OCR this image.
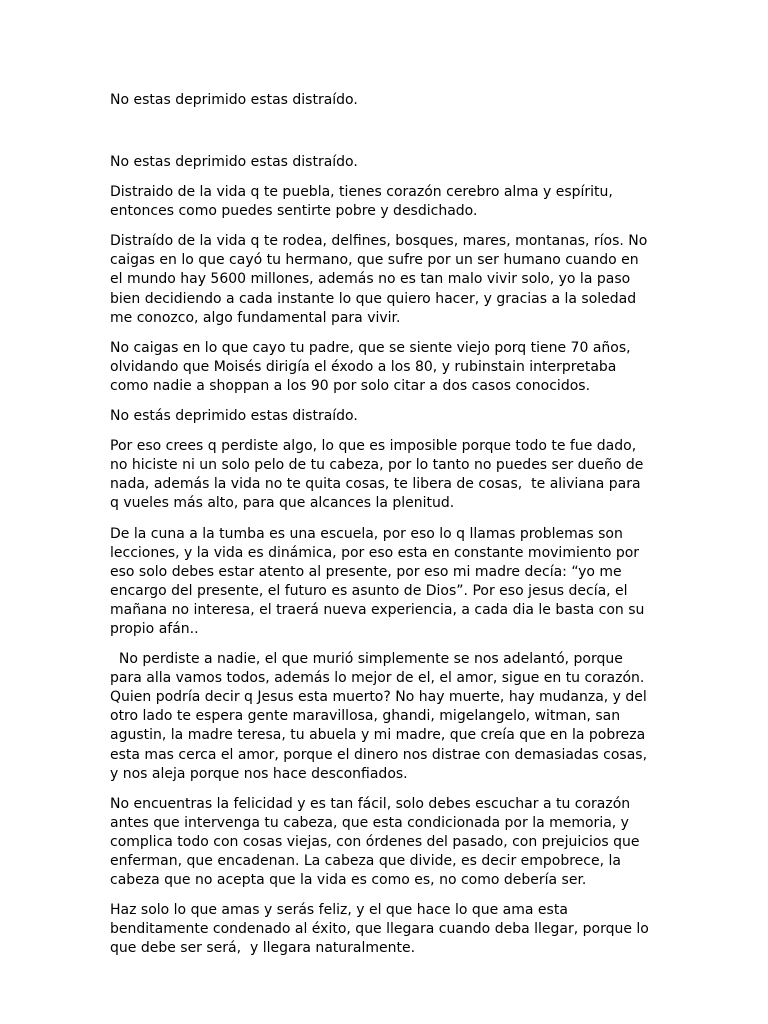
No estas deprimido estas distraído.

No estas deprimido estas distraído.

Distraido de la vida q te puebla, tienes corazón cerebro alma y espíritu,
entonces como puedes sentirte pobre y desdichado.

Distraído de la vida q te rodea, delfines, bosques, mares, montanas, ríos. No
caigas en lo que cayó tu hermano, que sufre por un ser humano cuando en
el mundo hay 5600 millones, además no es tan malo vivir solo, yo la paso
bien decidiendo a cada instante lo que quiero hacer, y gracias a la soledad
me conozco, algo fundamental para vivir.

No caigas en lo que cayo tu padre, que se siente viejo porq tiene 70 años,
olvidando que Moisés dirigía el éxodo a los 80, y rubinstain interpretaba
como nadie a shoppan a los 90 por solo citar a dos casos conocidos.

No estás deprimido estas distraído.

Por eso crees q perdiste algo, lo que es imposible porque todo te fue dado,
no hiciste ni un solo pelo de tu cabeza, por lo tanto no puedes ser dueño de
nada, además la vida no te quita cosas, te libera de cosas,  te aliviana para
q vueles más alto, para que alcances la plenitud.

De la cuna a la tumba es una escuela, por eso lo q llamas problemas son
lecciones, y la vida es dinámica, por eso esta en constante movimiento por
eso solo debes estar atento al presente, por eso mi madre decía: “yo me
encargo del presente, el futuro es asunto de Dios”. Por eso jesus decía, el
mañana no interesa, el traerá nueva experiencia, a cada dia le basta con su
propio afán..

No perdiste a nadie, el que murió simplemente se nos adelantó, porque
para alla vamos todos, además lo mejor de el, el amor, sigue en tu corazón.
Quien podría decir q Jesus esta muerto? No hay muerte, hay mudanza, y del
otro lado te espera gente maravillosa, ghandi, migelangelo, witman, san
agustin, la madre teresa, tu abuela y mi madre, que creía que en la pobreza
esta mas cerca el amor, porque el dinero nos distrae con demasiadas cosas,
y nos aleja porque nos hace desconfiados.

No encuentras la felicidad y es tan fácil, solo debes escuchar a tu corazón
antes que intervenga tu cabeza, que esta condicionada por la memoria, y
complica todo con cosas viejas, con órdenes del pasado, con prejuicios que
enferman, que encadenan. La cabeza que divide, es decir empobrece, la
cabeza que no acepta que la vida es como es, no como debería ser.

Haz solo lo que amas y serás feliz, y el que hace lo que ama esta
benditamente condenado al éxito, que llegara cuando deba llegar, porque lo
que debe ser será,  y llegara naturalmente.
